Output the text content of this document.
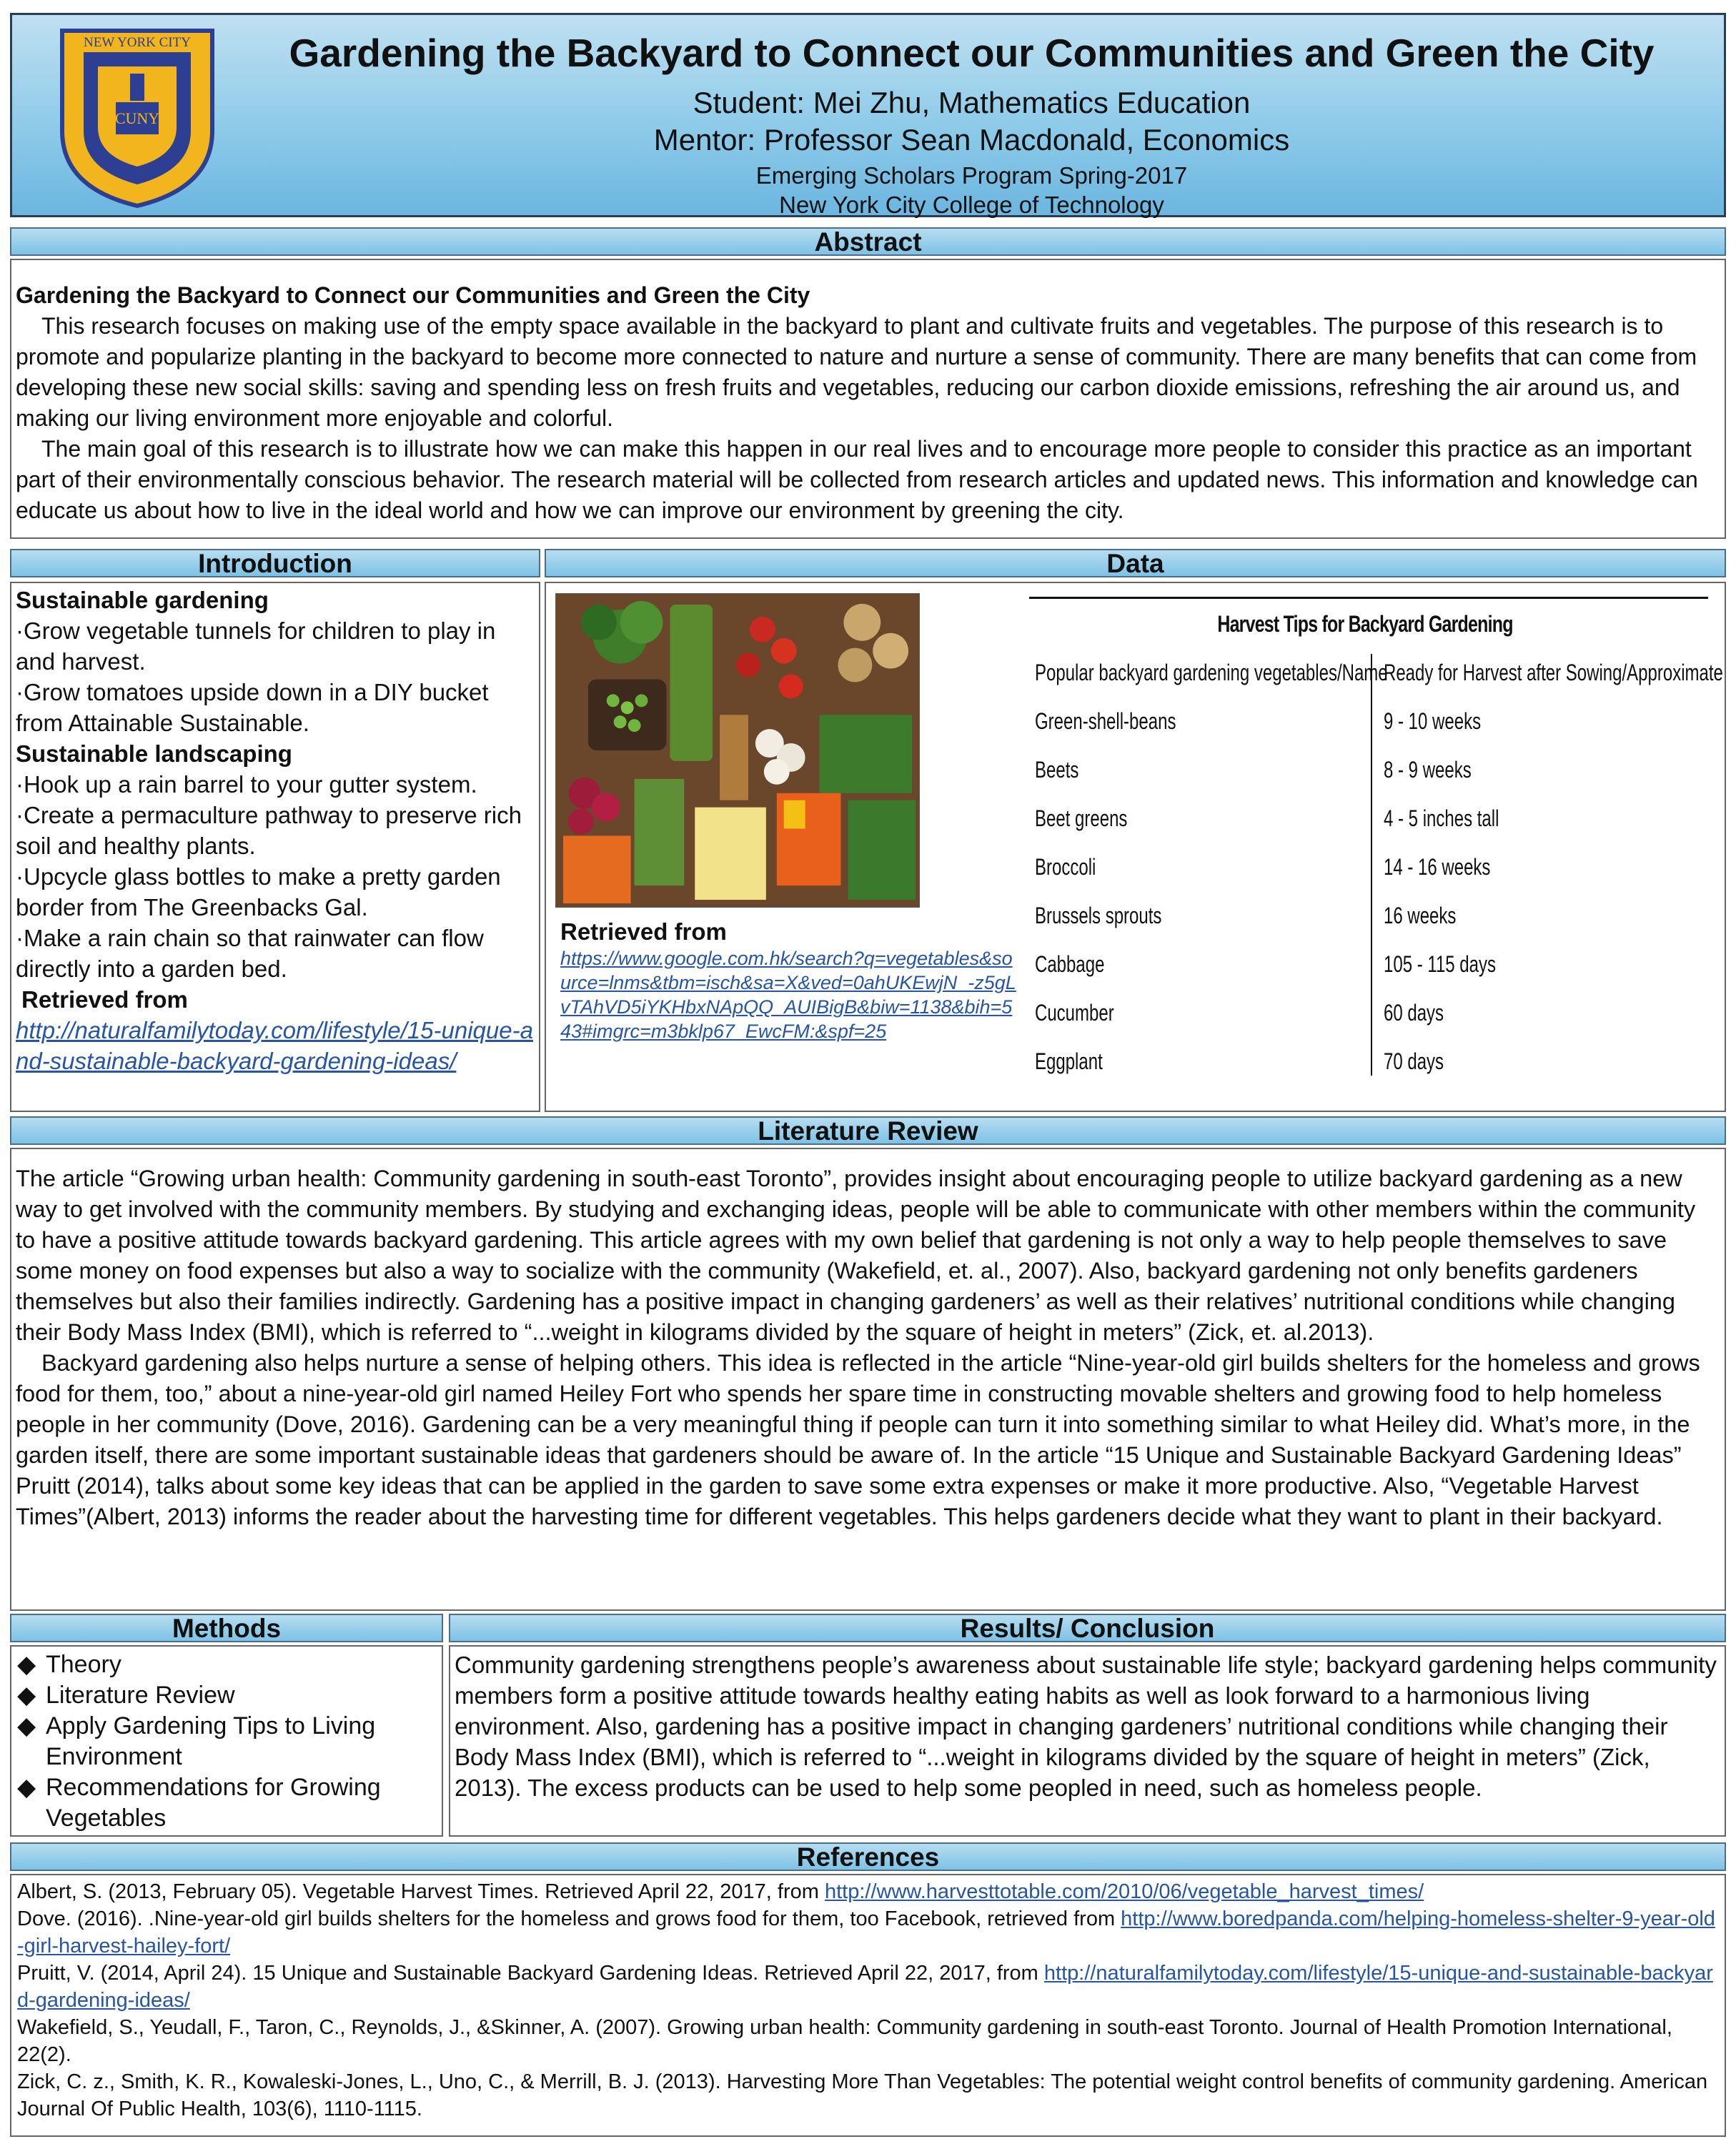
CUNY
NEW YORK CITY	Gardening the Backyard to Connect our Communities and Green the City
Student: Mei Zhu, Mathematics Education
Mentor: Professor Sean Macdonald, Economics
Emerging Scholars Program Spring-2017
New York City College of Technology
Abstract
Gardening the Backyard to Connect our Communities and Green the City
This research focuses on making use of the empty space available in the backyard to plant and cultivate fruits and vegetables. The purpose of this research is to promote and popularize planting in the backyard to become more connected to nature and nurture a sense of community. There are many benefits that can come from developing these new social skills: saving and spending less on fresh fruits and vegetables, reducing our carbon dioxide emissions, refreshing the air around us, and making our living environment more enjoyable and colorful.
The main goal of this research is to illustrate how we can make this happen in our real lives and to encourage more people to consider this practice as an important part of their environmentally conscious behavior. The research material will be collected from research articles and updated news. This information and knowledge can educate us about how to live in the ideal world and how we can improve our environment by greening the city.
Introduction
Sustainable gardening
·Grow vegetable tunnels for children to play in and harvest.
·Grow tomatoes upside down in a DIY bucket from Attainable Sustainable.
Sustainable landscaping
·Hook up a rain barrel to your gutter system.
·Create a permaculture pathway to preserve rich soil and healthy plants.
·Upcycle glass bottles to make a pretty garden border from The Greenbacks Gal.
·Make a rain chain so that rainwater can flow directly into a garden bed.
Retrieved from
http://naturalfamilytoday.com/lifestyle/15-unique-and-sustainable-backyard-gardening-ideas/
Data
Retrieved from
https://www.google.com.hk/search?q=vegetables&source=lnms&tbm=isch&sa=X&ved=0ahUKEwjN_-z5gLvTAhVD5iYKHbxNApQQ_AUIBigB&biw=1138&bih=543#imgrc=m3bklp67_EwcFM:&spf=25
Harvest Tips for Backyard Gardening
Popular backyard gardening vegetables/Name
Ready for Harvest after Sowing/Approximate
Green-shell-beans	9 - 10 weeks
Beets	8 - 9 weeks
Beet greens	4 - 5 inches tall
Broccoli	14 - 16 weeks
Brussels sprouts	16 weeks
Cabbage	105 - 115 days
Cucumber	60 days
Eggplant	70 days
Literature Review
The article “Growing urban health: Community gardening in south-east Toronto”, provides insight about encouraging people to utilize backyard gardening as a new way to get involved with the community members. By studying and exchanging ideas, people will be able to communicate with other members within the community to have a positive attitude towards backyard gardening. This article agrees with my own belief that gardening is not only a way to help people themselves to save some money on food expenses but also a way to socialize with the community (Wakefield, et. al., 2007). Also, backyard gardening not only benefits gardeners themselves but also their families indirectly. Gardening has a positive impact in changing gardeners’ as well as their relatives’ nutritional conditions while changing their Body Mass Index (BMI), which is referred to “...weight in kilograms divided by the square of height in meters” (Zick, et. al.2013).
Backyard gardening also helps nurture a sense of helping others. This idea is reflected in the article “Nine-year-old girl builds shelters for the homeless and grows food for them, too,” about a nine-year-old girl named Heiley Fort who spends her spare time in constructing movable shelters and growing food to help homeless people in her community (Dove, 2016). Gardening can be a very meaningful thing if people can turn it into something similar to what Heiley did. What’s more, in the garden itself, there are some important sustainable ideas that gardeners should be aware of. In the article “15 Unique and Sustainable Backyard Gardening Ideas” Pruitt (2014), talks about some key ideas that can be applied in the garden to save some extra expenses or make it more productive. Also, “Vegetable Harvest Times”(Albert, 2013) informs the reader about the harvesting time for different vegetables. This helps gardeners decide what they want to plant in their backyard.
Methods
◆ Theory
◆ Literature Review
◆ Apply Gardening Tips to Living Environment
◆ Recommendations for Growing Vegetables
Results/ Conclusion
Community gardening strengthens people’s awareness about sustainable life style; backyard gardening helps community members form a positive attitude towards healthy eating habits as well as look forward to a harmonious living environment. Also, gardening has a positive impact in changing gardeners’ nutritional conditions while changing their Body Mass Index (BMI), which is referred to “...weight in kilograms divided by the square of height in meters” (Zick, 2013). The excess products can be used to help some peopled in need, such as homeless people.
References
Albert, S. (2013, February 05). Vegetable Harvest Times. Retrieved April 22, 2017, from http://www.harvesttotable.com/2010/06/vegetable_harvest_times/
Dove. (2016). .Nine-year-old girl builds shelters for the homeless and grows food for them, too Facebook, retrieved from http://www.boredpanda.com/helping-homeless-shelter-9-year-old-girl-harvest-hailey-fort/
Pruitt, V. (2014, April 24). 15 Unique and Sustainable Backyard Gardening Ideas. Retrieved April 22, 2017, from http://naturalfamilytoday.com/lifestyle/15-unique-and-sustainable-backyard-gardening-ideas/
Wakefield, S., Yeudall, F., Taron, C., Reynolds, J., &Skinner, A. (2007). Growing urban health: Community gardening in south-east Toronto. Journal of Health Promotion International, 22(2).
Zick, C. z., Smith, K. R., Kowaleski-Jones, L., Uno, C., & Merrill, B. J. (2013). Harvesting More Than Vegetables: The potential weight control benefits of community gardening. American Journal Of Public Health, 103(6), 1110-1115.
